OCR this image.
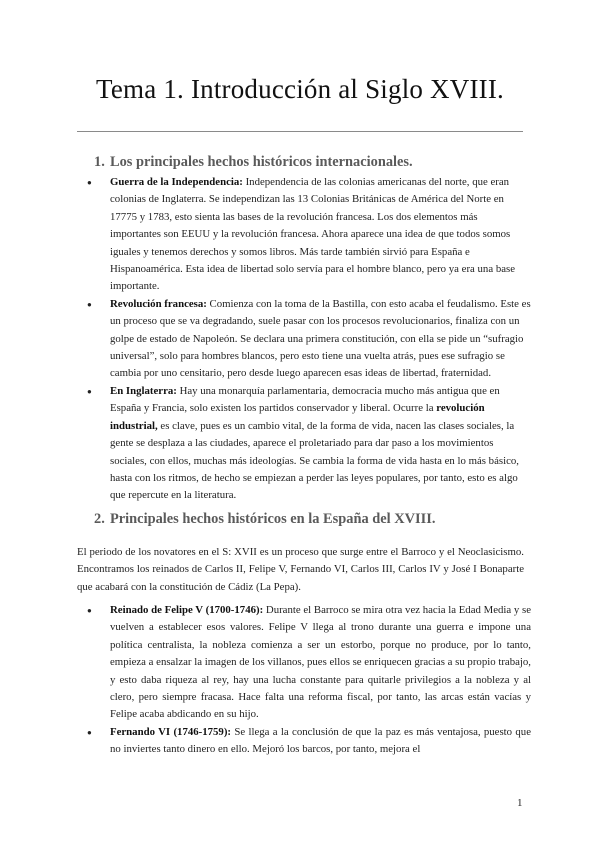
Tema 1. Introducción al Siglo XVIII.
1. Los principales hechos históricos internacionales.
● Guerra de la Independencia: Independencia de las colonias americanas del norte, que eran colonias de Inglaterra. Se independizan las 13 Colonias Británicas de América del Norte en 17775 y 1783, esto sienta las bases de la revolución francesa. Los dos elementos más importantes son EEUU y la revolución francesa. Ahora aparece una idea de que todos somos iguales y tenemos derechos y somos libros. Más tarde también sirvió para España e Hispanoamérica. Esta idea de libertad solo servía para el hombre blanco, pero ya era una base importante.
● Revolución francesa: Comienza con la toma de la Bastilla, con esto acaba el feudalismo. Este es un proceso que se va degradando, suele pasar con los procesos revolucionarios, finaliza con un golpe de estado de Napoleón. Se declara una primera constitución, con ella se pide un “sufragio universal”, solo para hombres blancos, pero esto tiene una vuelta atrás, pues ese sufragio se cambia por uno censitario, pero desde luego aparecen esas ideas de libertad, fraternidad.
● En Inglaterra: Hay una monarquía parlamentaria, democracia mucho más antigua que en España y Francia, solo existen los partidos conservador y liberal. Ocurre la revolución industrial, es clave, pues es un cambio vital, de la forma de vida, nacen las clases sociales, la gente se desplaza a las ciudades, aparece el proletariado para dar paso a los movimientos sociales, con ellos, muchas más ideologías. Se cambia la forma de vida hasta en lo más básico, hasta con los ritmos, de hecho se empiezan a perder las leyes populares, por tanto, esto es algo que repercute en la literatura.
2. Principales hechos históricos en la España del XVIII.

El periodo de los novatores en el S: XVII es un proceso que surge entre el Barroco y el Neoclasicismo. Encontramos los reinados de Carlos II, Felipe V, Fernando VI, Carlos III, Carlos IV y José I Bonaparte que acabará con la constitución de Cádiz (La Pepa).

● Reinado de Felipe V (1700-1746): Durante el Barroco se mira otra vez hacia la Edad Media y se vuelven a establecer esos valores. Felipe V llega al trono durante una guerra e impone una política centralista, la nobleza comienza a ser un estorbo, porque no produce, por lo tanto, empieza a ensalzar la imagen de los villanos, pues ellos se enriquecen gracias a su propio trabajo, y esto daba riqueza al rey, hay una lucha constante para quitarle privilegios a la nobleza y al clero, pero siempre fracasa. Hace falta una reforma fiscal, por tanto, las arcas están vacías y Felipe acaba abdicando en su hijo.
● Fernando VI (1746-1759): Se llega a la conclusión de que la paz es más ventajosa, puesto que no inviertes tanto dinero en ello. Mejoró los barcos, por tanto, mejora el
1
